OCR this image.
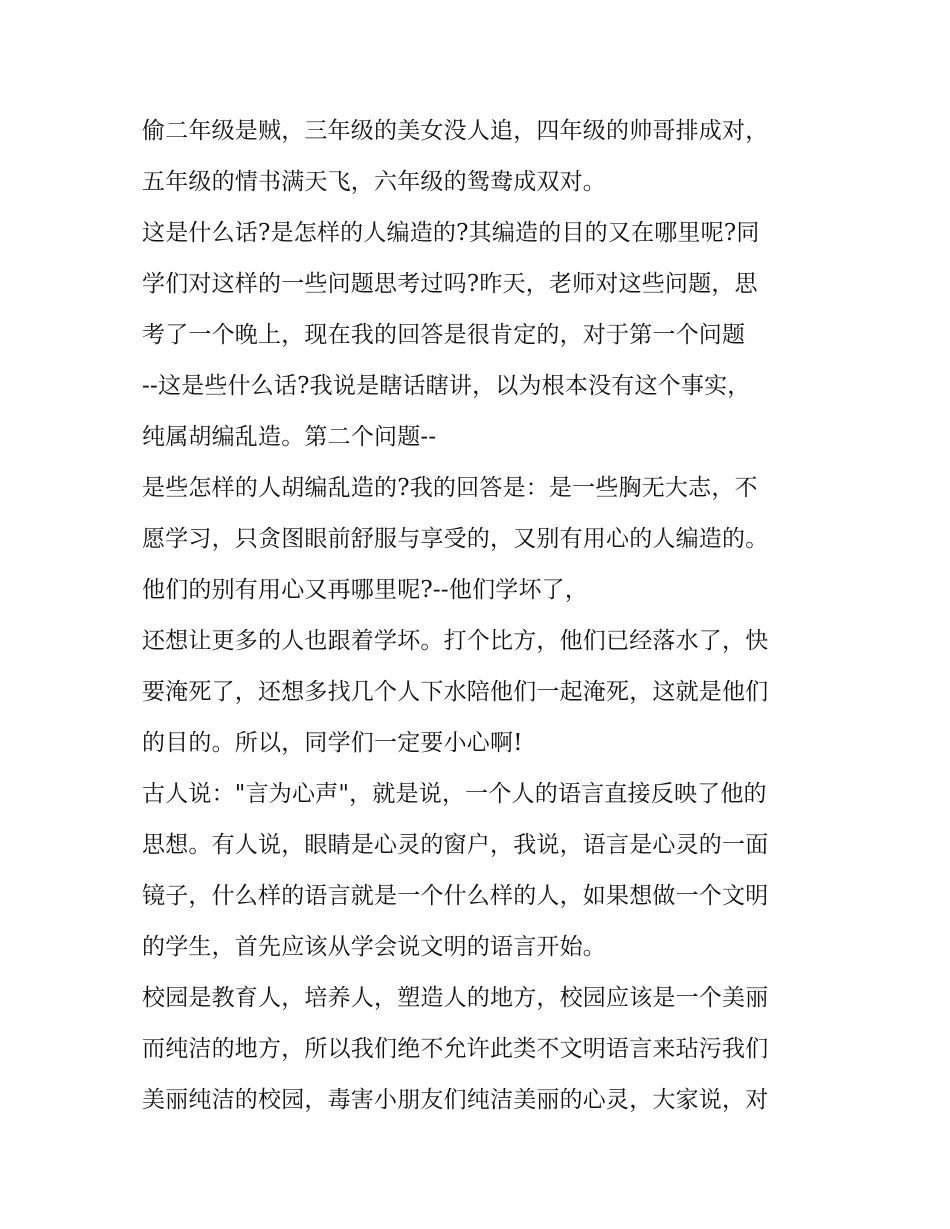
偷二年级是贼，三年级的美女没人追，四年级的帅哥排成对，
五年级的情书满天飞，六年级的鸳鸯成双对。
这是什么话?是怎样的人编造的?其编造的目的又在哪里呢?同
学们对这样的一些问题思考过吗?昨天，老师对这些问题，思
考了一个晚上，现在我的回答是很肯定的，对于第一个问题
--这是些什么话?我说是瞎话瞎讲，以为根本没有这个事实，
纯属胡编乱造。第二个问题--
是些怎样的人胡编乱造的?我的回答是：是一些胸无大志，不
愿学习，只贪图眼前舒服与享受的，又别有用心的人编造的。
他们的别有用心又再哪里呢?--他们学坏了，
还想让更多的人也跟着学坏。打个比方，他们已经落水了，快
要淹死了，还想多找几个人下水陪他们一起淹死，这就是他们
的目的。所以，同学们一定要小心啊!
古人说："言为心声"，就是说，一个人的语言直接反映了他的
思想。有人说，眼睛是心灵的窗户，我说，语言是心灵的一面
镜子，什么样的语言就是一个什么样的人，如果想做一个文明
的学生，首先应该从学会说文明的语言开始。
校园是教育人，培养人，塑造人的地方，校园应该是一个美丽
而纯洁的地方，所以我们绝不允许此类不文明语言来玷污我们
美丽纯洁的校园，毒害小朋友们纯洁美丽的心灵，大家说，对
